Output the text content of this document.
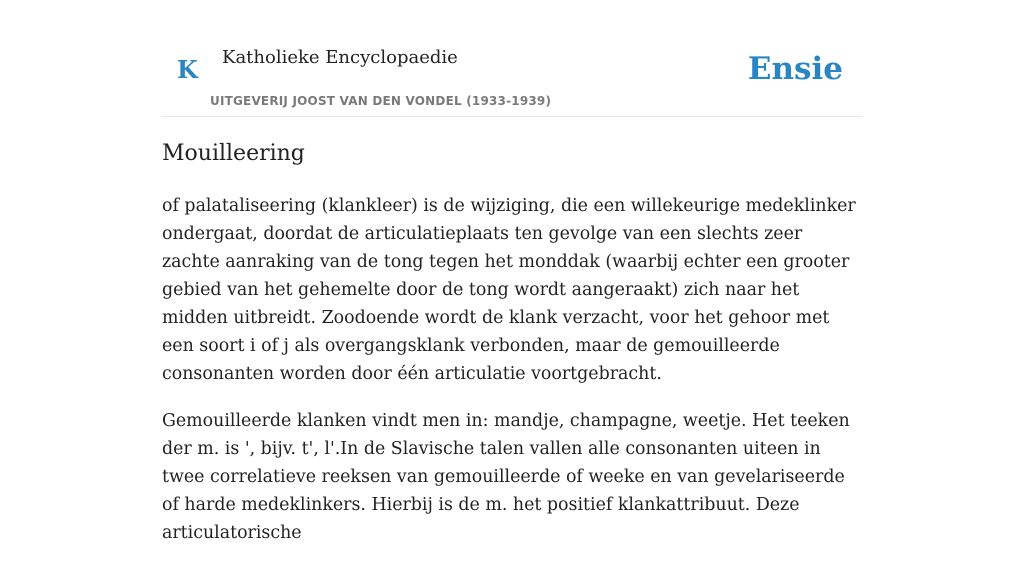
K Katholieke Encyclopaedie
UITGEVERIJ JOOST VAN DEN VONDEL (1933-1939)
Ensie
Mouilleering

of palataliseering (klankleer) is de wijziging, die een willekeurige medeklinker ondergaat, doordat de articulatieplaats ten gevolge van een slechts zeer zachte aanraking van de tong tegen het monddak (waarbij echter een grooter gebied van het gehemelte door de tong wordt aangeraakt) zich naar het midden uitbreidt. Zoodoende wordt de klank verzacht, voor het gehoor met een soort i of j als overgangsklank verbonden, maar de gemouilleerde consonanten worden door één articulatie voortgebracht.

Gemouilleerde klanken vindt men in: mandje, champagne, weetje. Het teeken der m. is ', bijv. t', l'.In de Slavische talen vallen alle consonanten uiteen in twee correlatieve reeksen van gemouilleerde of weeke en van gevelariseerde of harde medeklinkers. Hierbij is de m. het positief klankattribuut. Deze articulatorische
